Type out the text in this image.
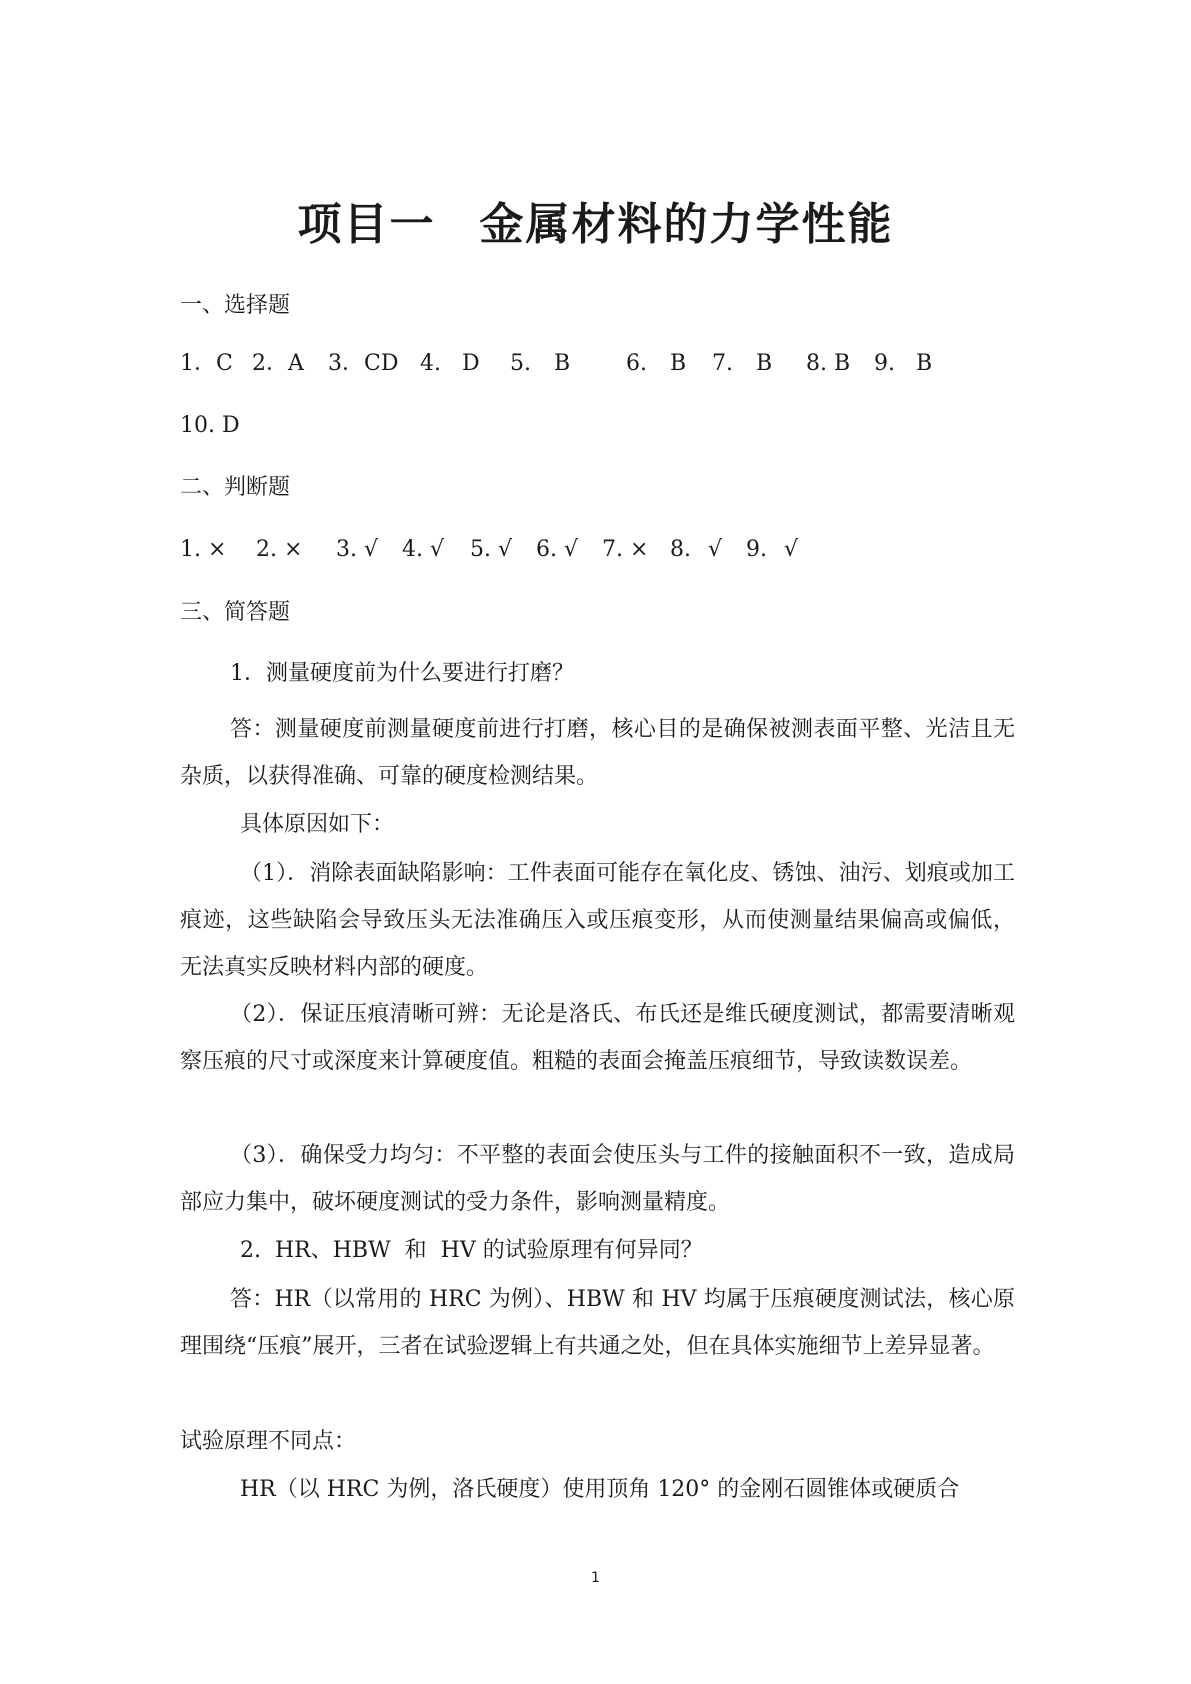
项目一 金属材料的力学性能
一、选择题
1．C 2．A 3．CD 4. D 5. B	6. B 7. B 8. B 9. B
10. D
二、判断题
1. × 2. × 3. √ 4. √ 5. √ 6. √ 7. × 8. √ 9. √
三、简答题
1．测量硬度前为什么要进行打磨？
答：测量硬度前测量硬度前进行打磨，核心目的是确保被测表面平整、光洁且无杂质，以获得准确、可靠的硬度检测结果。
具体原因如下：
（1）．消除表面缺陷影响：工件表面可能存在氧化皮、锈蚀、油污、划痕或加工痕迹，这些缺陷会导致压头无法准确压入或压痕变形，从而使测量结果偏高或偏低，无法真实反映材料内部的硬度。
（2）．保证压痕清晰可辨：无论是洛氏、布氏还是维氏硬度测试，都需要清晰观察压痕的尺寸或深度来计算硬度值。粗糙的表面会掩盖压痕细节，导致读数误差。
（3）．确保受力均匀：不平整的表面会使压头与工件的接触面积不一致，造成局部应力集中，破坏硬度测试的受力条件，影响测量精度。
2.  HR、HBW  和  HV 的试验原理有何异同？
答：HR（以常用的 HRC 为例）、HBW 和 HV 均属于压痕硬度测试法，核心原理围绕“压痕”展开，三者在试验逻辑上有共通之处，但在具体实施细节上差异显著。
试验原理不同点：
HR（以 HRC 为例，洛氏硬度）使用顶角 120° 的金刚石圆锥体或硬质合
1
